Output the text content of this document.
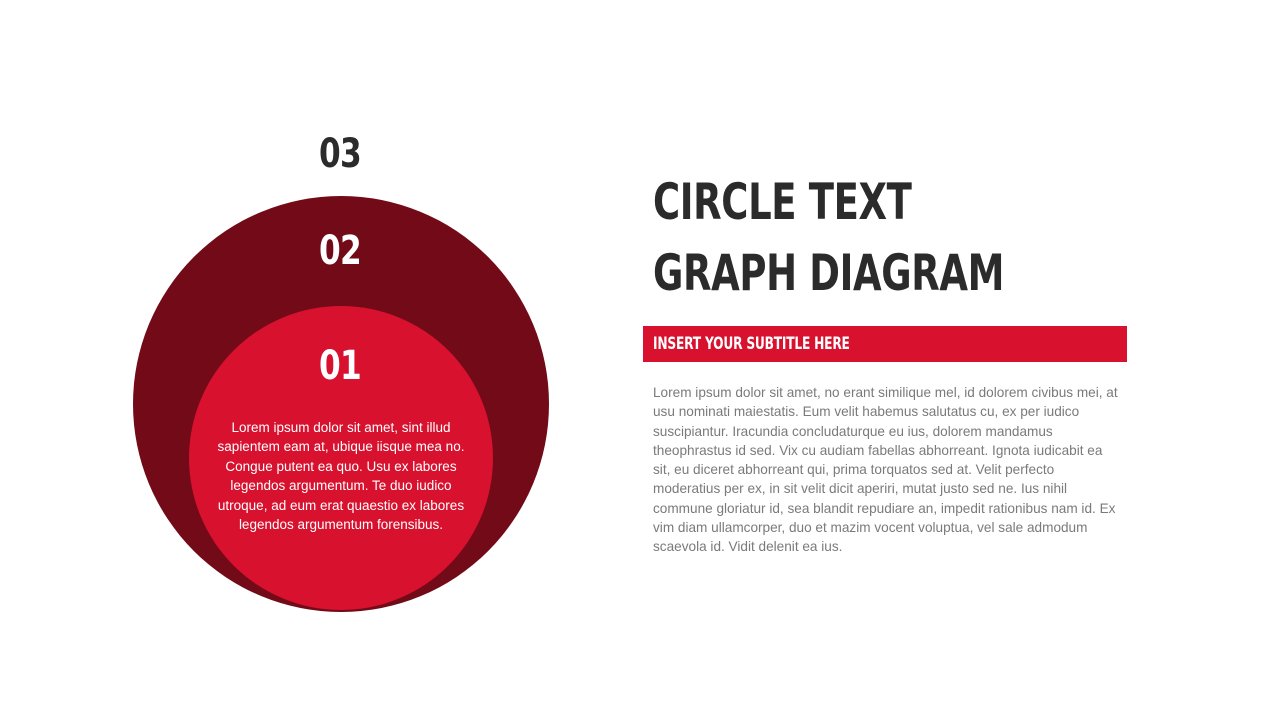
03
02
01
Lorem ipsum dolor sit amet, sint illud sapientem eam at, ubique iisque mea no. Congue putent ea quo. Usu ex labores legendos argumentum. Te duo iudico utroque, ad eum erat quaestio ex labores legendos argumentum forensibus.
CIRCLE TEXT
GRAPH DIAGRAM
INSERT YOUR SUBTITLE HERE
Lorem ipsum dolor sit amet, no erant similique mel, id dolorem civibus mei, at usu nominati maiestatis. Eum velit habemus salutatus cu, ex per iudico suscipiantur. Iracundia concludaturque eu ius, dolorem mandamus theophrastus id sed. Vix cu audiam fabellas abhorreant. Ignota iudicabit ea sit, eu diceret abhorreant qui, prima torquatos sed at. Velit perfecto moderatius per ex, in sit velit dicit aperiri, mutat justo sed ne. Ius nihil commune gloriatur id, sea blandit repudiare an, impedit rationibus nam id. Ex vim diam ullamcorper, duo et mazim vocent voluptua, vel sale admodum scaevola id. Vidit delenit ea ius.
